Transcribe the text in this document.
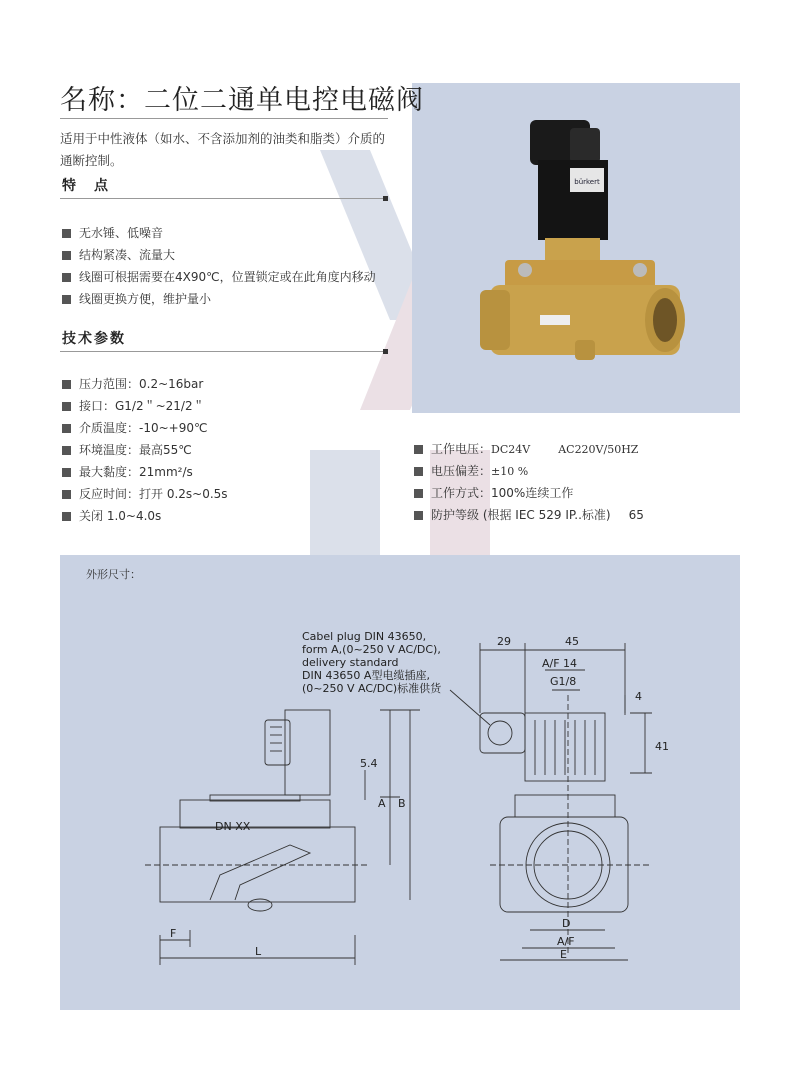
bürkert
名称：二位二通单电控电磁阀
适用于中性液体（如水、不含添加剂的油类和脂类）介质的通断控制。
特　点
无水锤、低噪音
结构紧凑、流量大
线圈可根据需要在4X90℃，位置锁定或在此角度内移动
线圈更换方便，维护量小
技术参数
压力范围：0.2~16bar
接口：G1/2＂~21/2＂
介质温度：-10~+90℃
环境温度：最高55℃
最大黏度：21mm²/s
反应时间：打开 0.2s~0.5s
关闭 1.0~4.0s
工作电压：DC24V	AC220V/50HZ
电压偏差：±10 %
工作方式：100%连续工作
防护等级 (根据 IEC 529 IP..标准) 65
外形尺寸：
Cabel plug DIN 43650,
form A,(0~250 V AC/DC),
delivery standard
DIN 43650 A型电缆插座,
(0~250 V AC/DC)标准供货
DN XX
29	45
A/F 14
G1/8
4
41
5.4
A B
F
L
D
A/F
E
